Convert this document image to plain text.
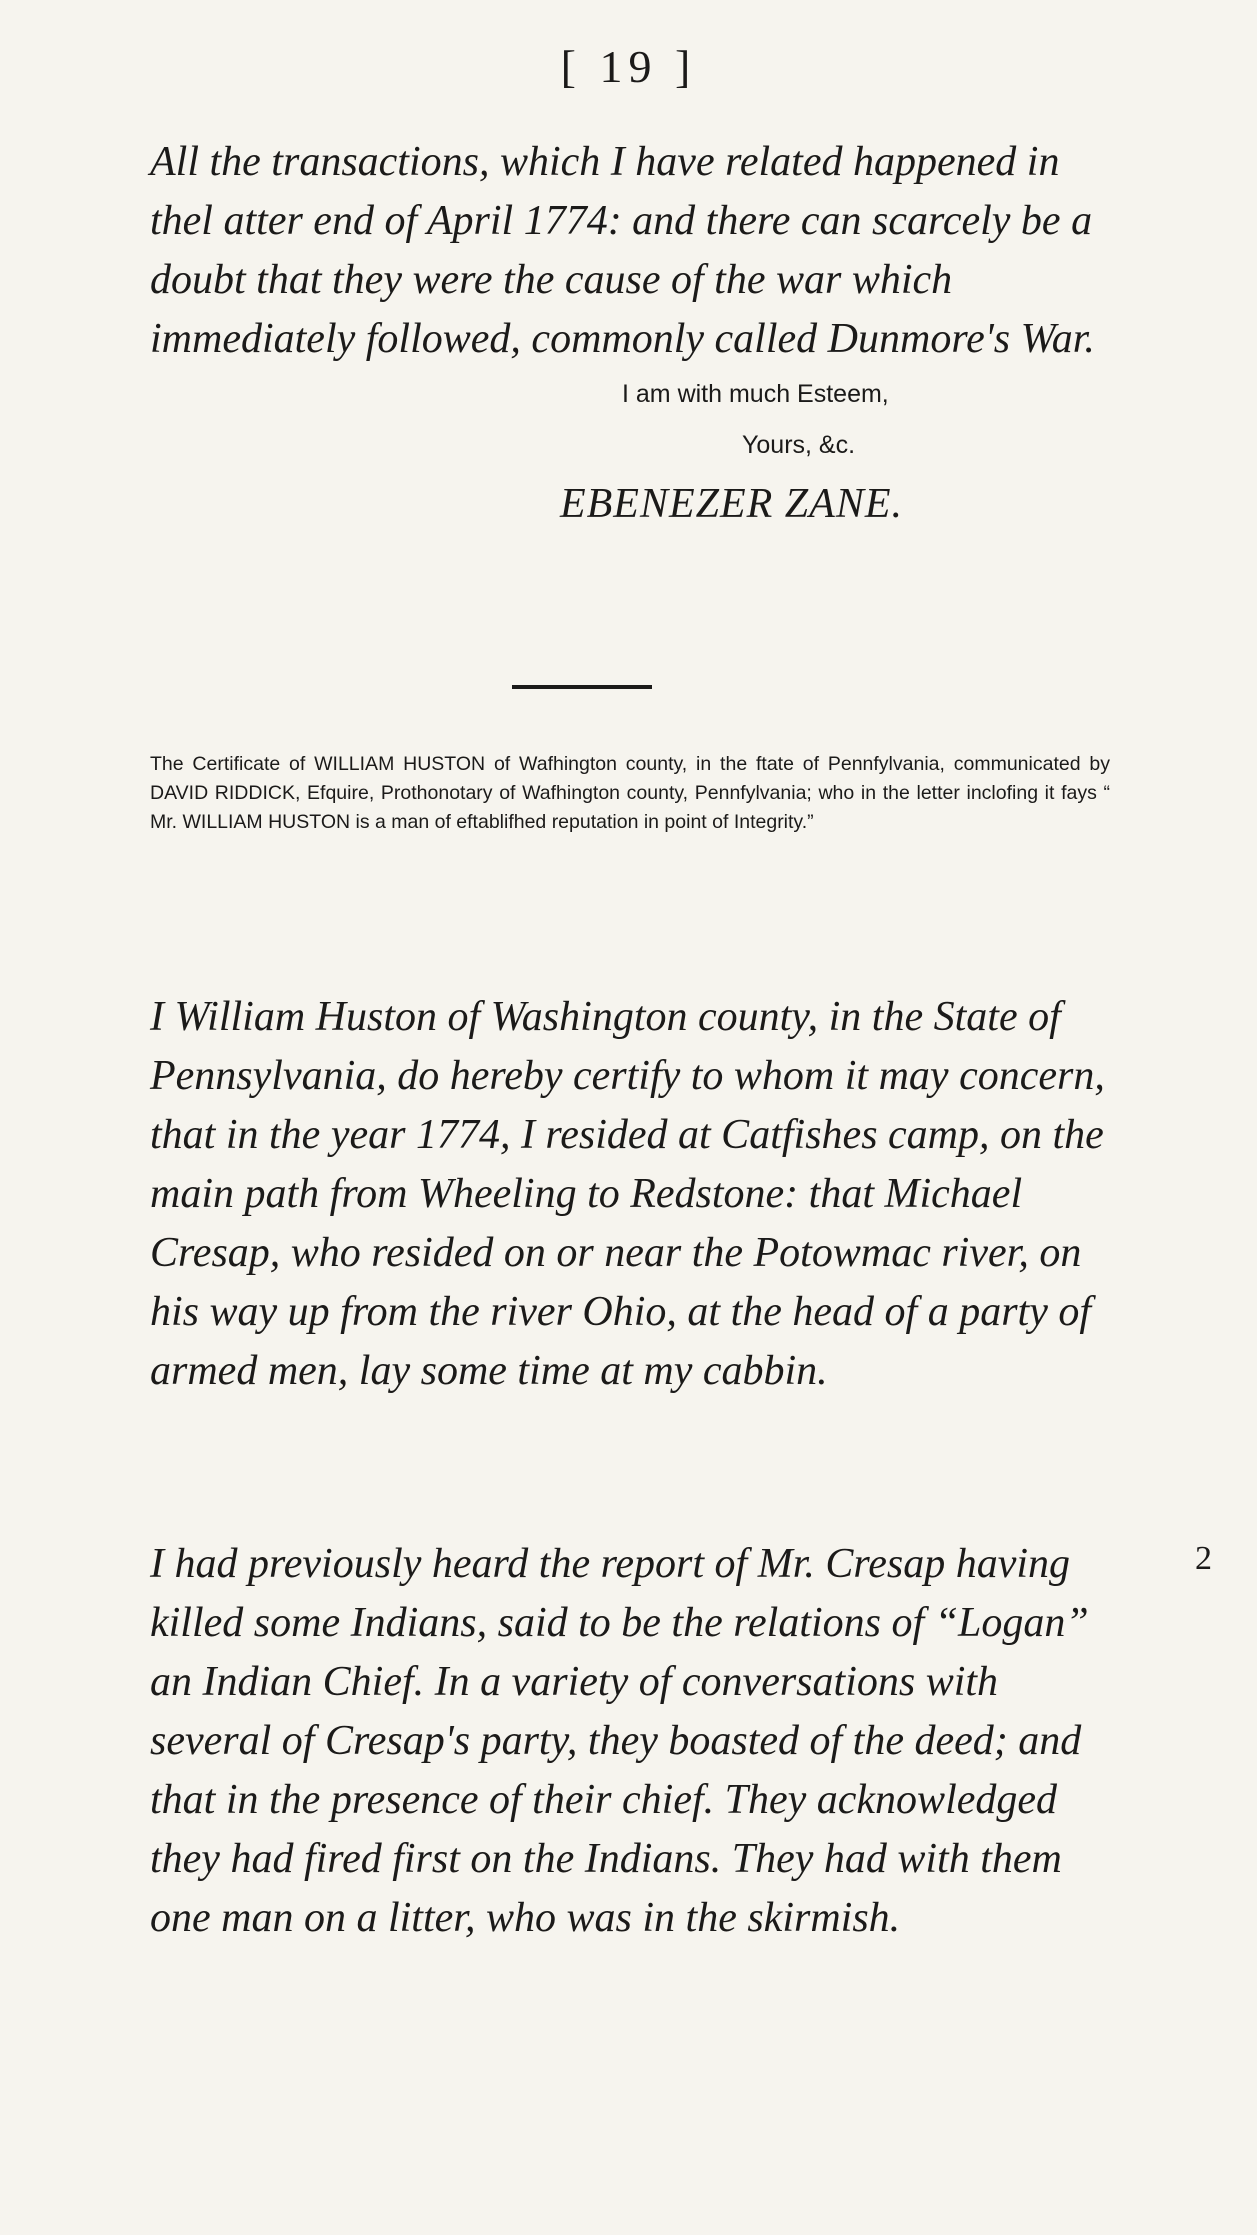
[ 19 ]

All the transactions, which I have related happened in thel atter end of April 1774: and there can scarcely be a doubt that they were the cause of the war which immediately followed, commonly called Dunmore's War.

I am with much Esteem,
Yours, &c.
EBENEZER ZANE.

The Certificate of WILLIAM HUSTON of Wafhington county, in the ftate of Pennfylvania, communicated by DAVID RIDDICK, Efquire, Prothonotary of Wafhington county, Pennfylvania; who in the letter inclofing it fays “ Mr. WILLIAM HUSTON is a man of eftablifhed reputation in point of Integrity.”

I William Huston of Washington county, in the State of Pennsylvania, do hereby certify to whom it may concern, that in the year 1774, I resided at Catfishes camp, on the main path from Wheeling to Redstone: that Michael Cresap, who resided on or near the Potowmac river, on his way up from the river Ohio, at the head of a party of armed men, lay some time at my cabbin.

I had previously heard the report of Mr. Cresap having killed some Indians, said to be the relations of “Logan” an Indian Chief. In a variety of conversations with several of Cresap's party, they boasted of the deed; and that in the presence of their chief. They acknowledged they had fired first on the Indians. They had with them one man on a litter, who was in the skirmish.

2
